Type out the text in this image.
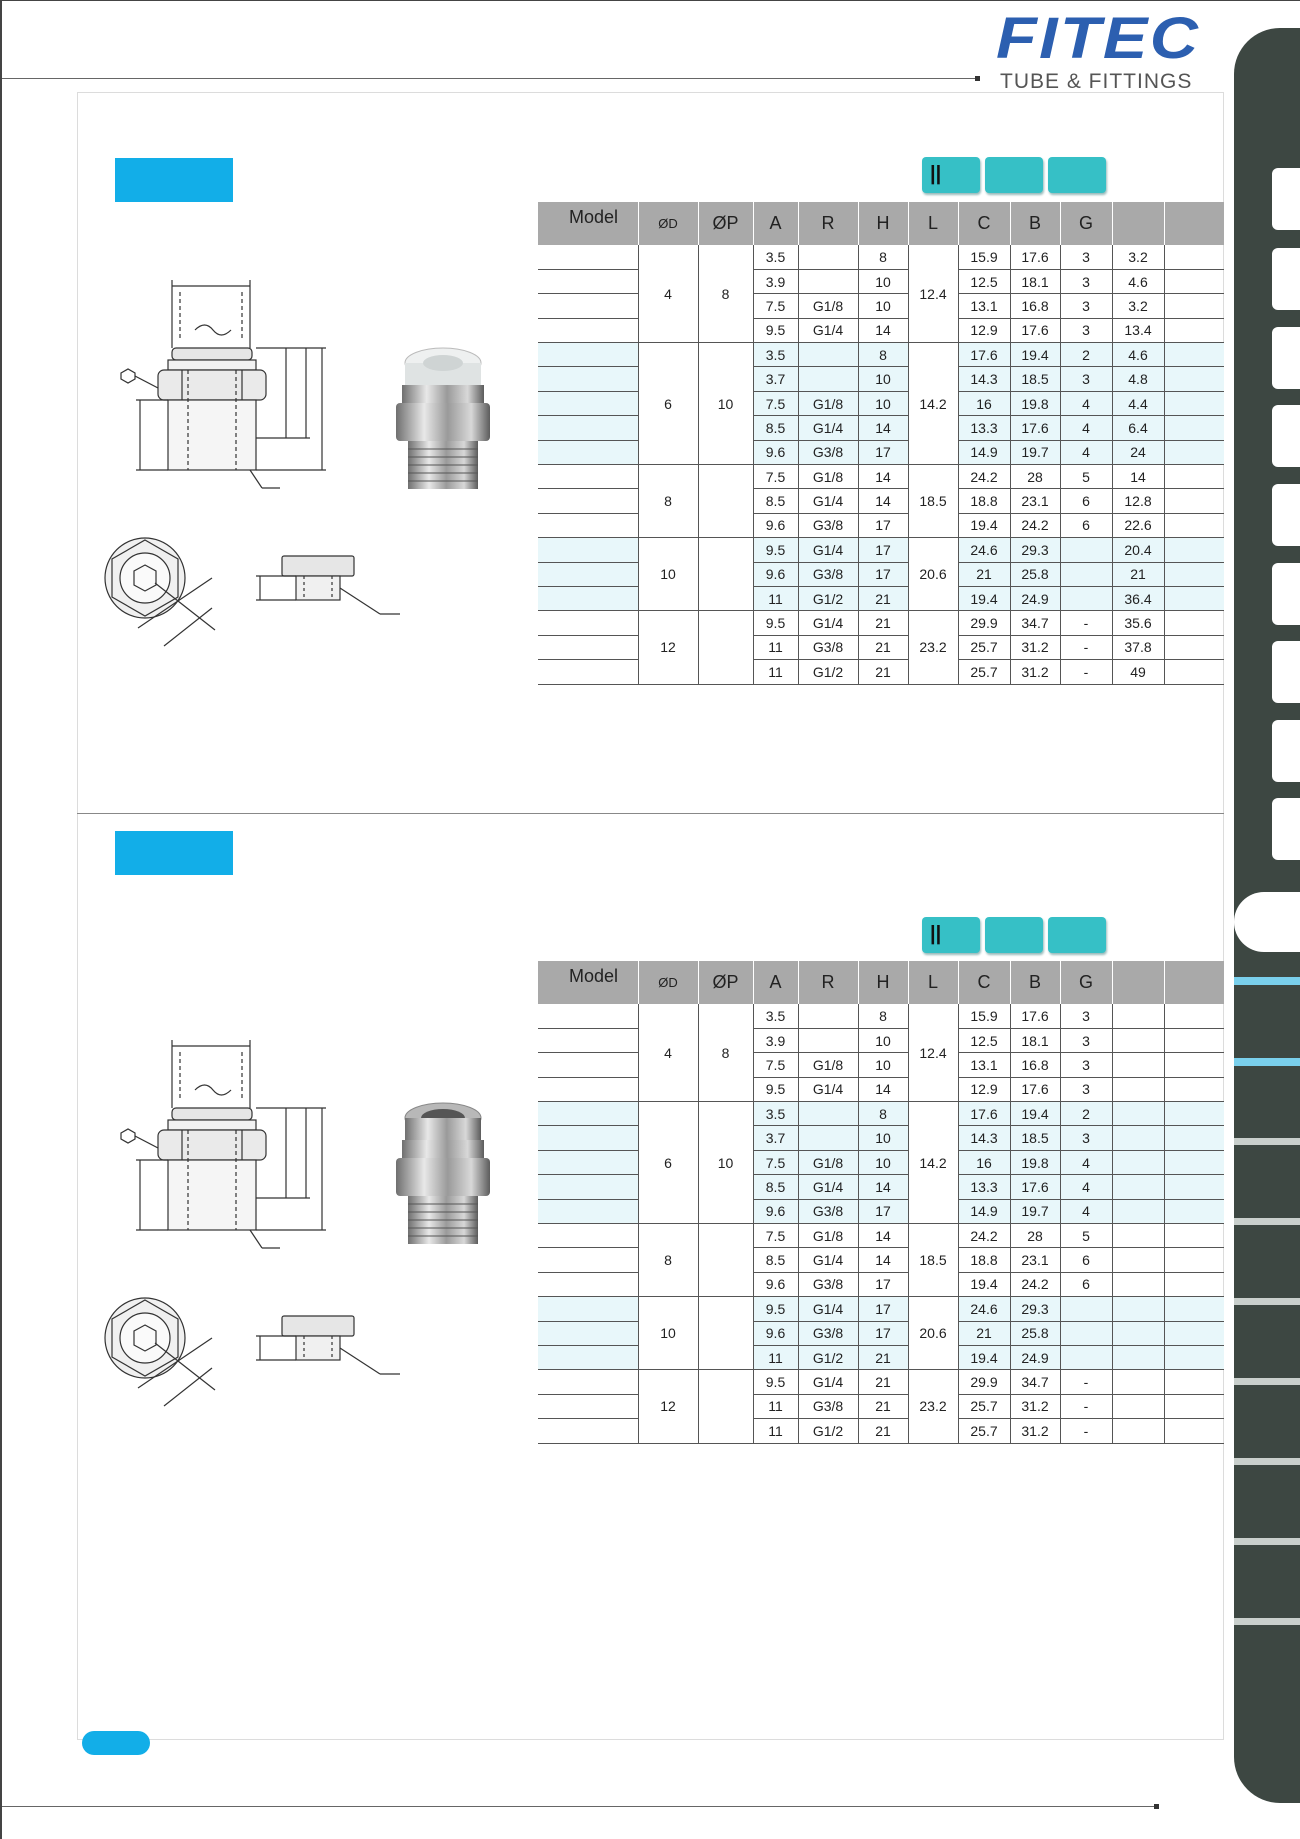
FITEC
TUBE & FITTINGS
||
||
Model	ØD	ØP	A	R	H	L	C	B	G		
	4	8	3.5		8	12.4	15.9	17.6	3	3.2	
			3.9		10		12.5	18.1	3	4.6	
			7.5	G1/8	10		13.1	16.8	3	3.2	
			9.5	G1/4	14		12.9	17.6	3	13.4	
	6	10	3.5		8	14.2	17.6	19.4	2	4.6	
			3.7		10		14.3	18.5	3	4.8	
			7.5	G1/8	10		16	19.8	4	4.4	
			8.5	G1/4	14		13.3	17.6	4	6.4	
			9.6	G3/8	17		14.9	19.7	4	24	
	8		7.5	G1/8	14	18.5	24.2	28	5	14	
			8.5	G1/4	14		18.8	23.1	6	12.8	
			9.6	G3/8	17		19.4	24.2	6	22.6	
	10		9.5	G1/4	17	20.6	24.6	29.3		20.4	
			9.6	G3/8	17		21	25.8		21	
			11	G1/2	21		19.4	24.9		36.4	
	12		9.5	G1/4	21	23.2	29.9	34.7	-	35.6	
			11	G3/8	21		25.7	31.2	-	37.8	
			11	G1/2	21		25.7	31.2	-	49	
Model	ØD	ØP	A	R	H	L	C	B	G		
	4	8	3.5		8	12.4	15.9	17.6	3		
			3.9		10		12.5	18.1	3		
			7.5	G1/8	10		13.1	16.8	3		
			9.5	G1/4	14		12.9	17.6	3		
	6	10	3.5		8	14.2	17.6	19.4	2		
			3.7		10		14.3	18.5	3		
			7.5	G1/8	10		16	19.8	4		
			8.5	G1/4	14		13.3	17.6	4		
			9.6	G3/8	17		14.9	19.7	4		
	8		7.5	G1/8	14	18.5	24.2	28	5		
			8.5	G1/4	14		18.8	23.1	6		
			9.6	G3/8	17		19.4	24.2	6		
	10		9.5	G1/4	17	20.6	24.6	29.3			
			9.6	G3/8	17		21	25.8			
			11	G1/2	21		19.4	24.9			
	12		9.5	G1/4	21	23.2	29.9	34.7	-		
			11	G3/8	21		25.7	31.2	-		
			11	G1/2	21		25.7	31.2	-		
